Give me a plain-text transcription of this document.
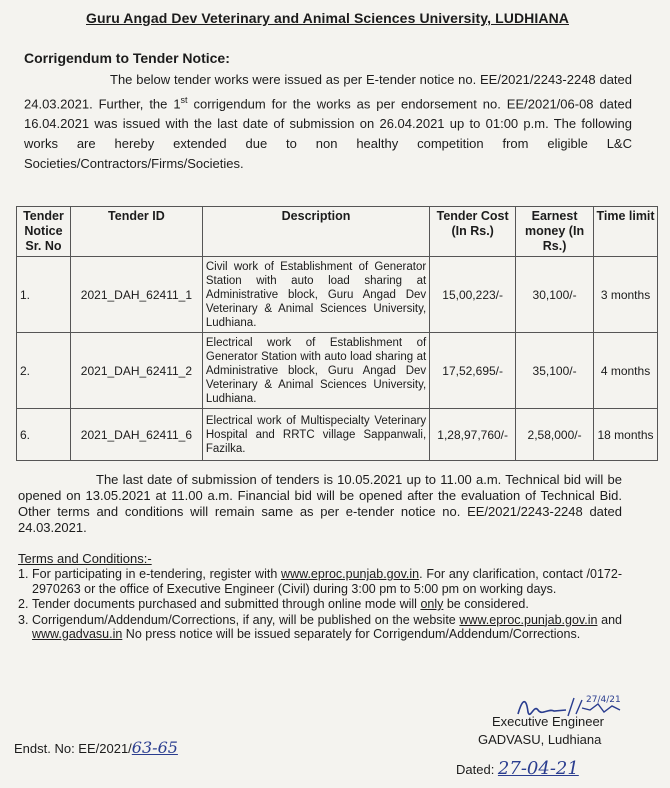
Guru Angad Dev Veterinary and Animal Sciences University, LUDHIANA
Corrigendum to Tender Notice:
The below tender works were issued as per E-tender notice no. EE/2021/2243-2248 dated 24.03.2021. Further, the 1st corrigendum for the works as per endorsement no. EE/2021/06-08 dated 16.04.2021 was issued with the last date of submission on 26.04.2021 up to 01:00 p.m. The following works are hereby extended due to non healthy competition from eligible L&C Societies/Contractors/Firms/Societies.
Tender Notice Sr. No	Tender ID	Description	Tender Cost (In Rs.)	Earnest money (In Rs.)	Time limit
1.	2021_DAH_62411_1	Civil work of Establishment of Generator Station with auto load sharing at Administrative block, Guru Angad Dev Veterinary & Animal Sciences University, Ludhiana.	15,00,223/-	30,100/-	3 months
2.	2021_DAH_62411_2	Electrical work of Establishment of Generator Station with auto load sharing at Administrative block, Guru Angad Dev Veterinary & Animal Sciences University, Ludhiana.	17,52,695/-	35,100/-	4 months
6.	2021_DAH_62411_6	Electrical work of Multispecialty Veterinary Hospital and RRTC village Sappanwali, Fazilka.	1,28,97,760/-	2,58,000/-	18 months
The last date of submission of tenders is 10.05.2021 up to 11.00 a.m. Technical bid will be opened on 13.05.2021 at 11.00 a.m. Financial bid will be opened after the evaluation of Technical Bid. Other terms and conditions will remain same as per e-tender notice no. EE/2021/2243-2248 dated 24.03.2021.
Terms and Conditions:-
1. For participating in e-tendering, register with www.eproc.punjab.gov.in. For any clarification, contact /0172-2970263 or the office of Executive Engineer (Civil) during 3:00 pm to 5:00 pm on working days.
2. Tender documents purchased and submitted through online mode will only be considered.
3. Corrigendum/Addendum/Corrections, if any, will be published on the website www.eproc.punjab.gov.in and www.gadvasu.in No press notice will be issued separately for Corrigendum/Addendum/Corrections.
27/4/21
Executive Engineer
GADVASU, Ludhiana
Endst. No: EE/2021/63-65
Dated: 27-04-21
